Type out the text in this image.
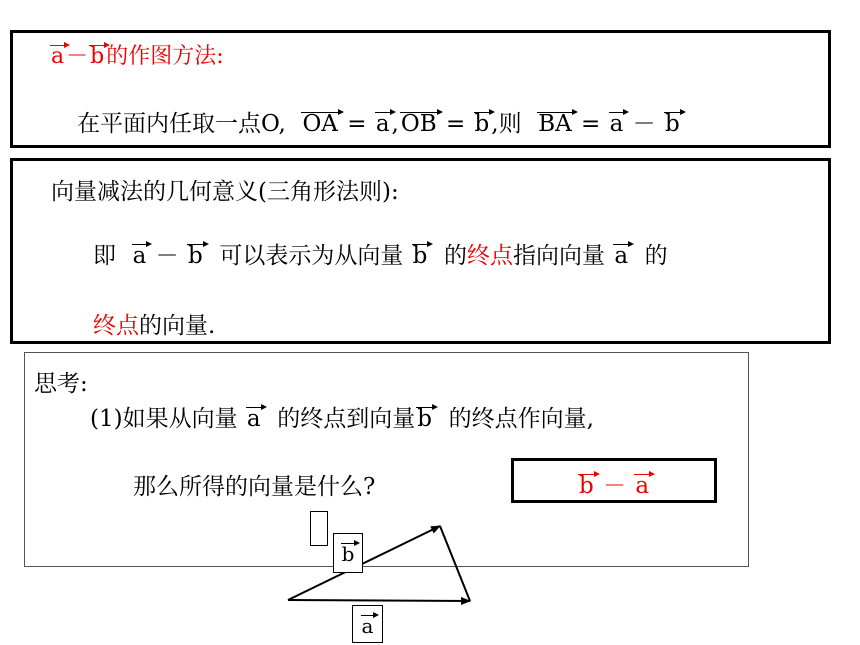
a－b的作图方法:
在平面内任取一点O, OA = a,OB = b,则 BA = a － b
向量减法的几何意义(三角形法则):
即 a － b 可以表示为从向量 b 的终点指向向量 a 的
终点的向量.
思考:
(1)如果从向量 a 的终点到向量b 的终点作向量,
那么所得的向量是什么?	b － a
b
a
